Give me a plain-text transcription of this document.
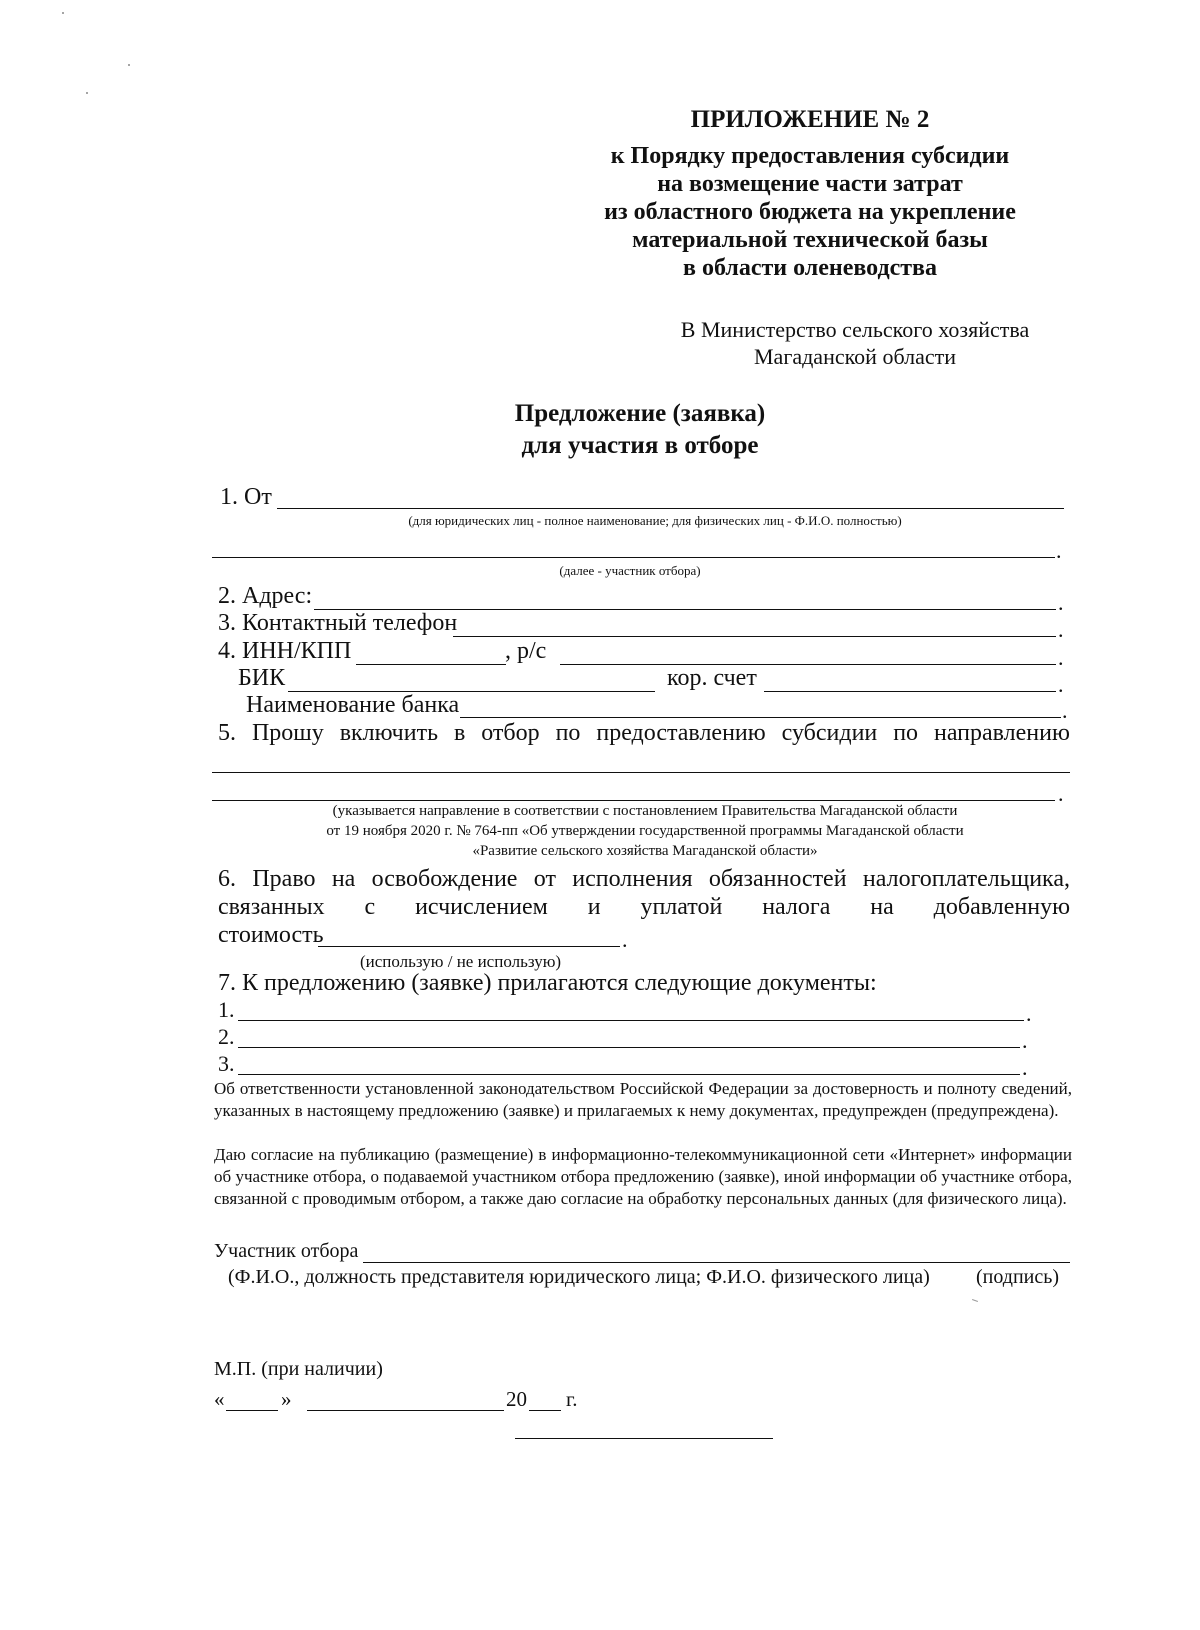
ПРИЛОЖЕНИЕ № 2
к Порядку предоставления субсидии
на возмещение части затрат
из областного бюджета на укрепление
материальной технической базы
в области оленеводства
В Министерство сельского хозяйства
Магаданской области
Предложение (заявка)
для участия в отборе
1. От
(для юридических лиц - полное наименование; для физических лиц - Ф.И.О. полностью)
.
(далее - участник отбора)
2. Адрес:	.
3. Контактный телефон	.
4. ИНН/КПП	, р/с	.
БИК	кор. счет	.
Наименование банка	.
5. Прошу включить в отбор по предоставлению субсидии по направлению
.
(указывается направление в соответствии с постановлением Правительства Магаданской области
от 19 ноября 2020 г. № 764-пп «Об утверждении государственной программы Магаданской области
«Развитие сельского хозяйства Магаданской области»
6. Право на освобождение от исполнения обязанностей налогоплательщика,
связанных с исчислением и уплатой налога на добавленную
стоимость	.
(использую / не использую)
7. К предложению (заявке) прилагаются следующие документы:
1.	.
2.	.
3.	.
Об ответственности установленной законодательством Российской Федерации за достоверность и полноту сведений, указанных в настоящему предложению (заявке) и прилагаемых к нему документах, предупрежден (предупреждена).
Даю согласие на публикацию (размещение) в информационно-телекоммуникационной сети «Интернет» информации об участнике отбора, о подаваемой участником отбора предложению (заявке), иной информации об участнике отбора, связанной с проводимым отбором, а также даю согласие на обработку персональных данных (для физического лица).
Участник отбора
(Ф.И.О., должность представителя юридического лица; Ф.И.О. физического лица) (подпись)
М.П. (при наличии)
«	»	20 г.
